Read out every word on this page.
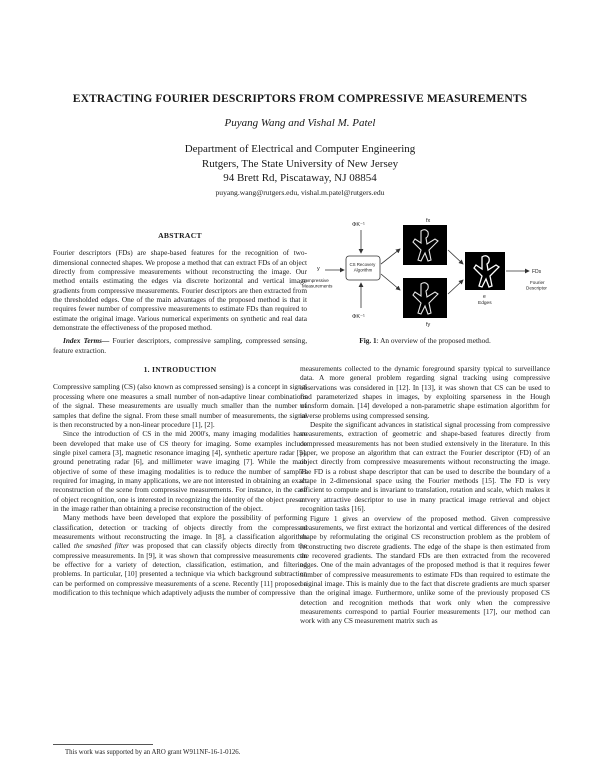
EXTRACTING FOURIER DESCRIPTORS FROM COMPRESSIVE MEASUREMENTS
Puyang Wang and Vishal M. Patel
Department of Electrical and Computer Engineering
Rutgers, The State University of New Jersey
94 Brett Rd, Piscataway, NJ 08854
puyang.wang@rutgers.edu, vishal.m.patel@rutgers.edu
ABSTRACT

Fourier descriptors (FDs) are shape-based features for the recognition of two-dimensional connected shapes. We propose a method that can extract FDs of an object directly from compressive measurements without reconstructing the image. Our method entails estimating the edges via discrete horizontal and vertical image gradients from compressive measurements. Fourier descriptors are then extracted from the thresholded edges. One of the main advantages of the proposed method is that it requires fewer number of compressive measurements to estimate FDs than required to estimate the original image. Various numerical experiments on synthetic and real data demonstrate the effectiveness of the proposed method.

Index Terms— Fourier descriptors, compressive sampling, compressed sensing, feature extraction.

1. INTRODUCTION

Compressive sampling (CS) (also known as compressed sensing) is a concept in signal processing where one measures a small number of non-adaptive linear combinations of the signal. These measurements are usually much smaller than the number of samples that define the signal. From these small number of measurements, the signal is then reconstructed by a non-linear procedure [1], [2].

Since the introduction of CS in the mid 2000's, many imaging modalities have been developed that make use of CS theory for imaging. Some examples include single pixel camera [3], magnetic resonance imaging [4], synthetic aperture radar [5], ground penetrating radar [6], and millimeter wave imaging [7]. While the main objective of some of these imaging modalities is to reduce the number of samples required for imaging, in many applications, we are not interested in obtaining an exact reconstruction of the scene from compressive measurements. For instance, in the case of object recognition, one is interested in recognizing the identity of the object present in the image rather than obtaining a precise reconstruction of the object.

Many methods have been developed that explore the possibility of performing classification, detection or tracking of objects directly from the compressed measurements without reconstructing the image. In [8], a classification algorithm called the smashed filter was proposed that can classify objects directly from the compressive measurements. In [9], it was shown that compressive measurements can be effective for a variety of detection, classification, estimation, and filtering problems. In particular, [10] presented a technique via which background subtraction can be performed on compressive measurements of a scene. Recently [11] proposed a modification to this technique which adaptively adjusts the number of compressive

This work was supported by an ARO grant W911NF-16-1-0126.
ΦK⁻¹
y
Compressive Measurements
CS Recovery Algorithm
ΦK⁻¹
fx
fy
e
Edges
FDs
Fourier Descriptor
Fig. 1: An overview of the proposed method.

measurements collected to the dynamic foreground sparsity typical to surveillance data. A more general problem regarding signal tracking using compressive observations was considered in [12]. In [13], it was shown that CS can be used to find parameterized shapes in images, by exploiting sparseness in the Hough transform domain. [14] developed a non-parametric shape estimation algorithm for inverse problems using compressed sensing.

Despite the significant advances in statistical signal processing from compressive measurements, extraction of geometric and shape-based features directly from compressed measurements has not been studied extensively in the literature. In this paper, we propose an algorithm that can extract the Fourier descriptor (FD) of an object directly from compressive measurements without reconstructing the image. The FD is a robust shape descriptor that can be used to describe the boundary of a shape in 2-dimensional space using the Fourier methods [15]. The FD is very efficient to compute and is invariant to translation, rotation and scale, which makes it a very attractive descriptor to use in many practical image retrieval and object recognition tasks [16].

Figure 1 gives an overview of the proposed method. Given compressive measurements, we first extract the horizontal and vertical differences of the desired shape by reformulating the original CS reconstruction problem as the problem of reconstructing two discrete gradients. The edge of the shape is then estimated from the recovered gradients. The standard FDs are then extracted from the recovered edges. One of the main advantages of the proposed method is that it requires fewer number of compressive measurements to estimate FDs than required to estimate the original image. This is mainly due to the fact that discrete gradients are much sparser than the original image. Furthermore, unlike some of the previously proposed CS detection and recognition methods that work only when the compressive measurements correspond to partial Fourier measurements [17], our method can work with any CS measurement matrix such as
